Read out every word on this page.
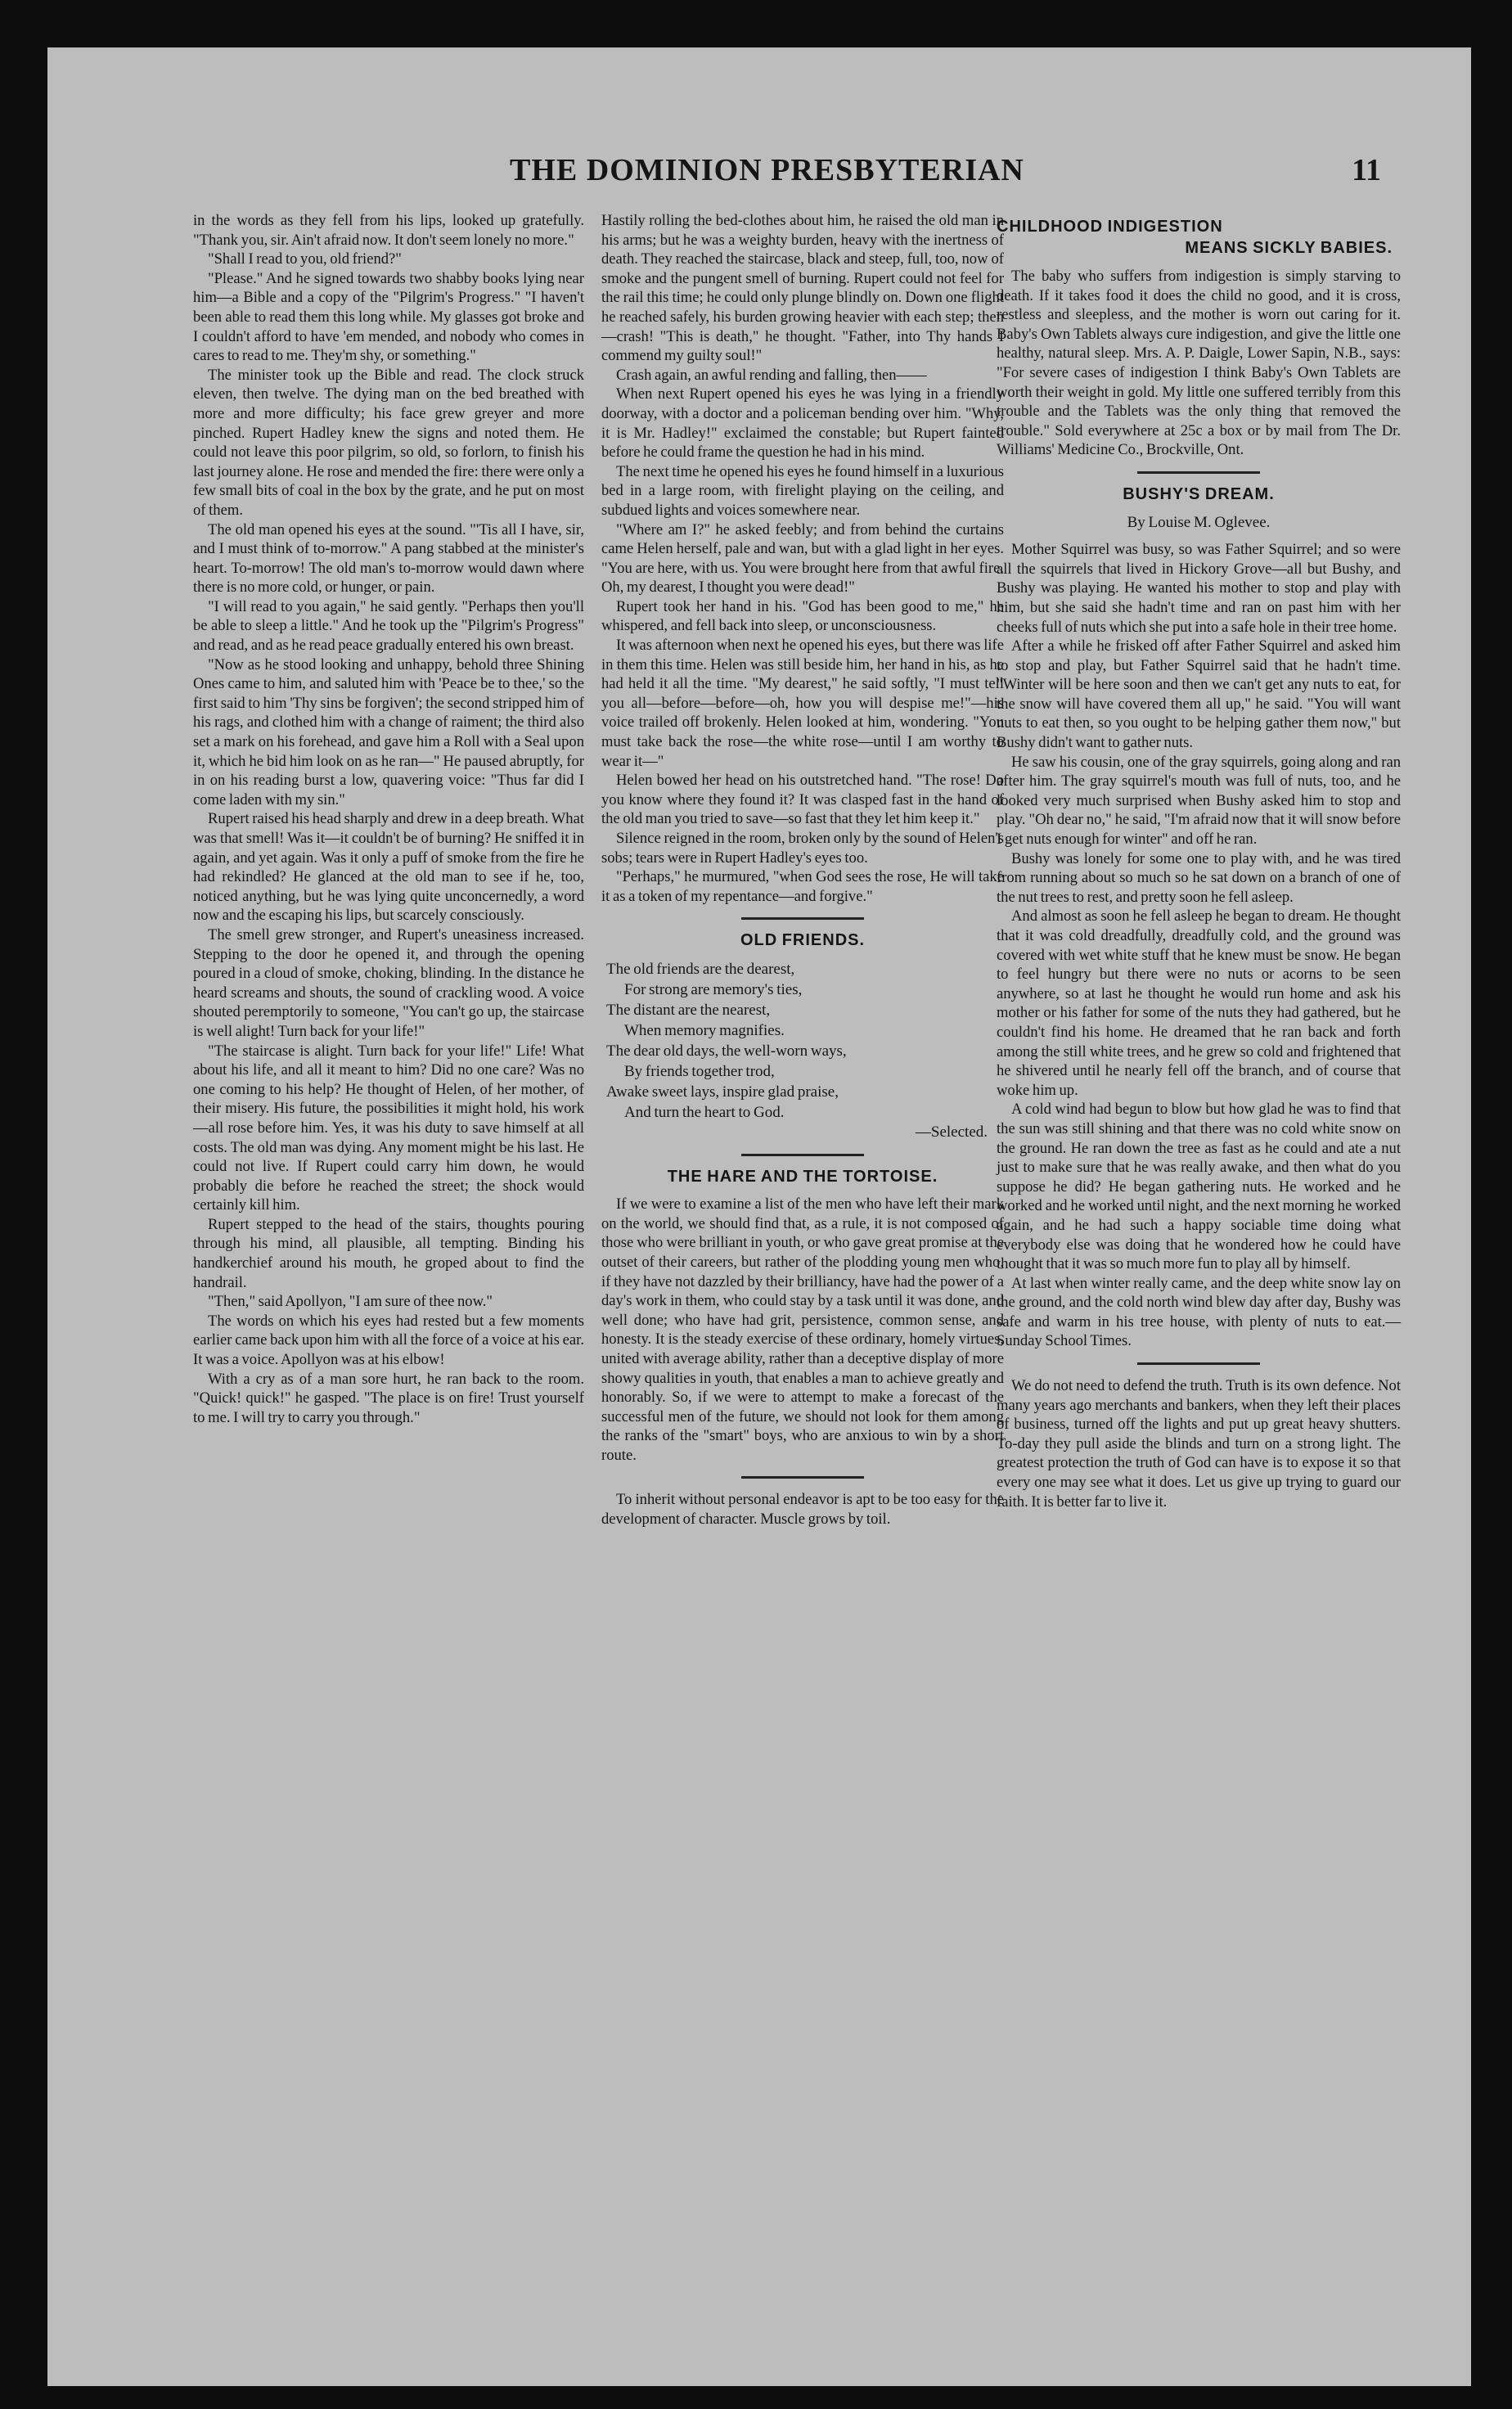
THE DOMINION PRESBYTERIAN	11

in the words as they fell from his lips, looked up gratefully. "Thank you, sir. Ain't afraid now. It don't seem lonely no more."

"Shall I read to you, old friend?"

"Please." And he signed towards two shabby books lying near him—a Bible and a copy of the "Pilgrim's Progress." "I haven't been able to read them this long while. My glasses got broke and I couldn't afford to have 'em mended, and nobody who comes in cares to read to me. They'm shy, or something."

The minister took up the Bible and read. The clock struck eleven, then twelve. The dying man on the bed breathed with more and more difficulty; his face grew greyer and more pinched. Rupert Hadley knew the signs and noted them. He could not leave this poor pilgrim, so old, so forlorn, to finish his last journey alone. He rose and mended the fire: there were only a few small bits of coal in the box by the grate, and he put on most of them.

The old man opened his eyes at the sound. "'Tis all I have, sir, and I must think of to-morrow." A pang stabbed at the minister's heart. To-morrow! The old man's to-morrow would dawn where there is no more cold, or hunger, or pain.

"I will read to you again," he said gently. "Perhaps then you'll be able to sleep a little." And he took up the "Pilgrim's Progress" and read, and as he read peace gradually entered his own breast.

"Now as he stood looking and unhappy, behold three Shining Ones came to him, and saluted him with 'Peace be to thee,' so the first said to him 'Thy sins be forgiven'; the second stripped him of his rags, and clothed him with a change of raiment; the third also set a mark on his forehead, and gave him a Roll with a Seal upon it, which he bid him look on as he ran—" He paused abruptly, for in on his reading burst a low, quavering voice: "Thus far did I come laden with my sin."

Rupert raised his head sharply and drew in a deep breath. What was that smell! Was it—it couldn't be of burning? He sniffed it in again, and yet again. Was it only a puff of smoke from the fire he had rekindled? He glanced at the old man to see if he, too, noticed anything, but he was lying quite unconcernedly, a word now and the escaping his lips, but scarcely consciously.

The smell grew stronger, and Rupert's uneasiness increased. Stepping to the door he opened it, and through the opening poured in a cloud of smoke, choking, blinding. In the distance he heard screams and shouts, the sound of crackling wood. A voice shouted peremptorily to someone, "You can't go up, the staircase is well alight! Turn back for your life!"

"The staircase is alight. Turn back for your life!" Life! What about his life, and all it meant to him? Did no one care? Was no one coming to his help? He thought of Helen, of her mother, of their misery. His future, the possibilities it might hold, his work—all rose before him. Yes, it was his duty to save himself at all costs. The old man was dying. Any moment might be his last. He could not live. If Rupert could carry him down, he would probably die before he reached the street; the shock would certainly kill him.

Rupert stepped to the head of the stairs, thoughts pouring through his mind, all plausible, all tempting. Binding his handkerchief around his mouth, he groped about to find the handrail.

"Then," said Apollyon, "I am sure of thee now."

The words on which his eyes had rested but a few moments earlier came back upon him with all the force of a voice at his ear. It was a voice. Apollyon was at his elbow!

With a cry as of a man sore hurt, he ran back to the room. "Quick! quick!" he gasped. "The place is on fire! Trust yourself to me. I will try to carry you through."

Hastily rolling the bed-clothes about him, he raised the old man in his arms; but he was a weighty burden, heavy with the inertness of death. They reached the staircase, black and steep, full, too, now of smoke and the pungent smell of burning. Rupert could not feel for the rail this time; he could only plunge blindly on. Down one flight he reached safely, his burden growing heavier with each step; then—crash! "This is death," he thought. "Father, into Thy hands I commend my guilty soul!"

Crash again, an awful rending and falling, then——

When next Rupert opened his eyes he was lying in a friendly doorway, with a doctor and a policeman bending over him. "Why, it is Mr. Hadley!" exclaimed the constable; but Rupert fainted before he could frame the question he had in his mind.

The next time he opened his eyes he found himself in a luxurious bed in a large room, with firelight playing on the ceiling, and subdued lights and voices somewhere near.

"Where am I?" he asked feebly; and from behind the curtains came Helen herself, pale and wan, but with a glad light in her eyes. "You are here, with us. You were brought here from that awful fire. Oh, my dearest, I thought you were dead!"

Rupert took her hand in his. "God has been good to me," he whispered, and fell back into sleep, or unconsciousness.

It was afternoon when next he opened his eyes, but there was life in them this time. Helen was still beside him, her hand in his, as he had held it all the time. "My dearest," he said softly, "I must tell you all—before—before—oh, how you will despise me!"—his voice trailed off brokenly. Helen looked at him, wondering. "You must take back the rose—the white rose—until I am worthy to wear it—"

Helen bowed her head on his outstretched hand. "The rose! Do you know where they found it? It was clasped fast in the hand of the old man you tried to save—so fast that they let him keep it."

Silence reigned in the room, broken only by the sound of Helen's sobs; tears were in Rupert Hadley's eyes too.

"Perhaps," he murmured, "when God sees the rose, He will take it as a token of my repentance—and forgive."

OLD FRIENDS.
The old friends are the dearest,
For strong are memory's ties,
The distant are the nearest,
When memory magnifies.
The dear old days, the well-worn ways,
By friends together trod,
Awake sweet lays, inspire glad praise,
And turn the heart to God.
—Selected.
THE HARE AND THE TORTOISE.

If we were to examine a list of the men who have left their mark on the world, we should find that, as a rule, it is not composed of those who were brilliant in youth, or who gave great promise at the outset of their careers, but rather of the plodding young men who, if they have not dazzled by their brilliancy, have had the power of a day's work in them, who could stay by a task until it was done, and well done; who have had grit, persistence, common sense, and honesty. It is the steady exercise of these ordinary, homely virtues, united with average ability, rather than a deceptive display of more showy qualities in youth, that enables a man to achieve greatly and honorably. So, if we were to attempt to make a forecast of the successful men of the future, we should not look for them among the ranks of the "smart" boys, who are anxious to win by a short route.

To inherit without personal endeavor is apt to be too easy for the development of character. Muscle grows by toil.

CHILDHOOD INDIGESTION
MEANS SICKLY BABIES.

The baby who suffers from indigestion is simply starving to death. If it takes food it does the child no good, and it is cross, restless and sleepless, and the mother is worn out caring for it. Baby's Own Tablets always cure indigestion, and give the little one healthy, natural sleep. Mrs. A. P. Daigle, Lower Sapin, N.B., says: "For severe cases of indigestion I think Baby's Own Tablets are worth their weight in gold. My little one suffered terribly from this trouble and the Tablets was the only thing that removed the trouble." Sold everywhere at 25c a box or by mail from The Dr. Williams' Medicine Co., Brockville, Ont.

BUSHY'S DREAM.
By Louise M. Oglevee.

Mother Squirrel was busy, so was Father Squirrel; and so were all the squirrels that lived in Hickory Grove—all but Bushy, and Bushy was playing. He wanted his mother to stop and play with him, but she said she hadn't time and ran on past him with her cheeks full of nuts which she put into a safe hole in their tree home.

After a while he frisked off after Father Squirrel and asked him to stop and play, but Father Squirrel said that he hadn't time. "Winter will be here soon and then we can't get any nuts to eat, for the snow will have covered them all up," he said. "You will want nuts to eat then, so you ought to be helping gather them now," but Bushy didn't want to gather nuts.

He saw his cousin, one of the gray squirrels, going along and ran after him. The gray squirrel's mouth was full of nuts, too, and he looked very much surprised when Bushy asked him to stop and play. "Oh dear no," he said, "I'm afraid now that it will snow before I get nuts enough for winter" and off he ran.

Bushy was lonely for some one to play with, and he was tired from running about so much so he sat down on a branch of one of the nut trees to rest, and pretty soon he fell asleep.

And almost as soon he fell asleep he began to dream. He thought that it was cold dreadfully, dreadfully cold, and the ground was covered with wet white stuff that he knew must be snow. He began to feel hungry but there were no nuts or acorns to be seen anywhere, so at last he thought he would run home and ask his mother or his father for some of the nuts they had gathered, but he couldn't find his home. He dreamed that he ran back and forth among the still white trees, and he grew so cold and frightened that he shivered until he nearly fell off the branch, and of course that woke him up.

A cold wind had begun to blow but how glad he was to find that the sun was still shining and that there was no cold white snow on the ground. He ran down the tree as fast as he could and ate a nut just to make sure that he was really awake, and then what do you suppose he did? He began gathering nuts. He worked and he worked and he worked until night, and the next morning he worked again, and he had such a happy sociable time doing what everybody else was doing that he wondered how he could have thought that it was so much more fun to play all by himself.

At last when winter really came, and the deep white snow lay on the ground, and the cold north wind blew day after day, Bushy was safe and warm in his tree house, with plenty of nuts to eat.—Sunday School Times.

We do not need to defend the truth. Truth is its own defence. Not many years ago merchants and bankers, when they left their places of business, turned off the lights and put up great heavy shutters. To-day they pull aside the blinds and turn on a strong light. The greatest protection the truth of God can have is to expose it so that every one may see what it does. Let us give up trying to guard our faith. It is better far to live it.
